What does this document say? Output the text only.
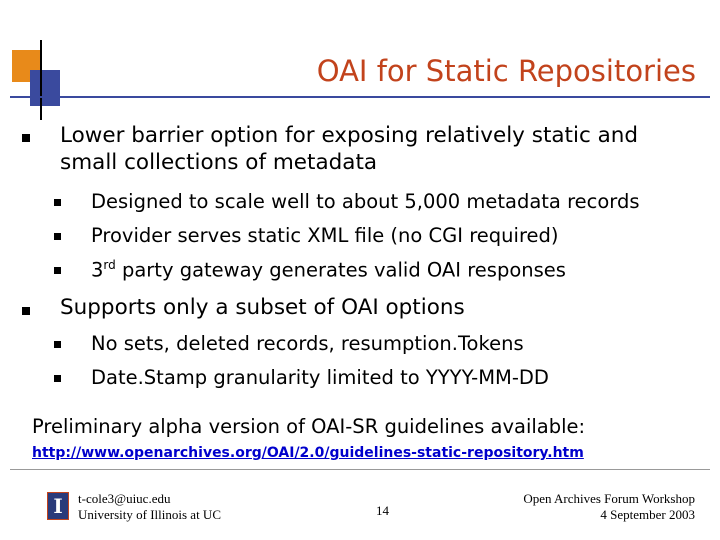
OAI for Static Repositories
Lower barrier option for exposing relatively static and
small collections of metadata
Designed to scale well to about 5,000 metadata records
Provider serves static XML file (no CGI required)
3rd party gateway generates valid OAI responses
Supports only a subset of OAI options
No sets, deleted records, resumption.Tokens
Date.Stamp granularity limited to YYYY-MM-DD
Preliminary alpha version of OAI-SR guidelines available:
http://www.openarchives.org/OAI/2.0/guidelines-static-repository.htm
I t-cole3@uiuc.edu
University of Illinois at UC	14
Open Archives Forum Workshop
4 September 2003
